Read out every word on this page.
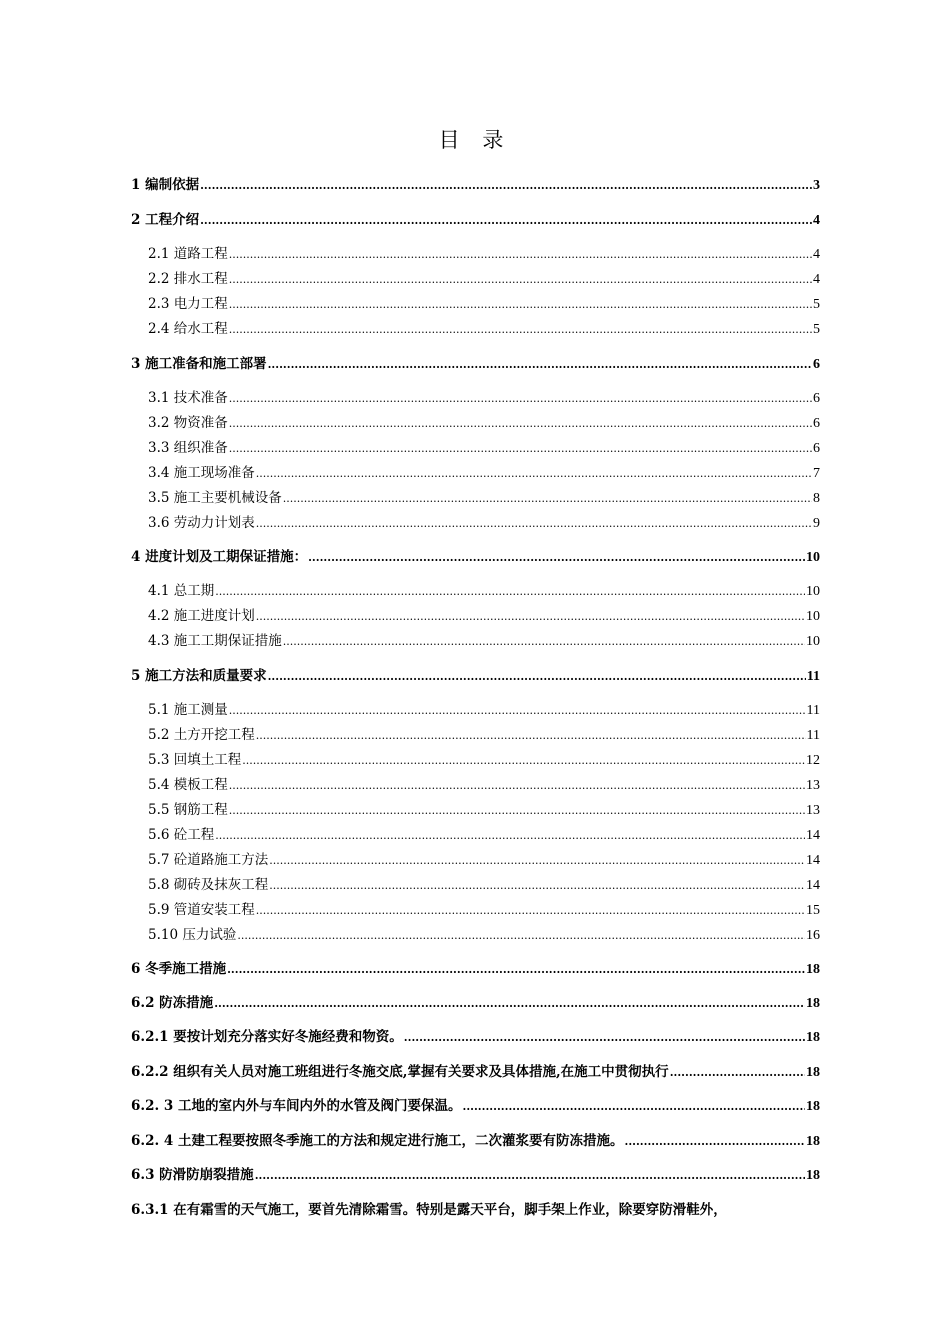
目 录
1 编制依据 .....	3
2 工程介绍 .....	4
2.1 道路工程 .....	4
2.2 排水工程 .....	4
2.3 电力工程 .....	5
2.4 给水工程 .....	5
3 施工准备和施工部署 .....	6
3.1 技术准备 .....	6
3.2 物资准备 .....	6
3.3 组织准备 .....	6
3.4 施工现场准备 .....	7
3.5 施工主要机械设备 .....	8
3.6 劳动力计划表 .....	9
4 进度计划及工期保证措施： .....	10
4.1 总工期 .....	10
4.2 施工进度计划 .....	10
4.3 施工工期保证措施 .....	10
5 施工方法和质量要求 .....	11
5.1 施工测量 .....	11
5.2 土方开挖工程 .....	11
5.3 回填土工程 .....	12
5.4 模板工程 .....	13
5.5 钢筋工程 .....	13
5.6 砼工程 .....	14
5.7 砼道路施工方法 .....	14
5.8 砌砖及抹灰工程 .....	14
5.9 管道安装工程 .....	15
5.10 压力试验 .....	16
6 冬季施工措施 .....	18
6.2 防冻措施 .....	18
6.2.1 要按计划充分落实好冬施经费和物资。 .....	18
6.2.2 组织有关人员对施工班组进行冬施交底,掌握有关要求及具体措施,在施工中贯彻执行 .....	18
6.2. 3 工地的室内外与车间内外的水管及阀门要保温。 .....	18
6.2. 4 土建工程要按照冬季施工的方法和规定进行施工，二次灌浆要有防冻措施。 .....	18
6.3 防滑防崩裂措施 .....	18
6.3.1 在有霜雪的天气施工，要首先清除霜雪。特别是露天平台，脚手架上作业，除要穿防滑鞋外，
